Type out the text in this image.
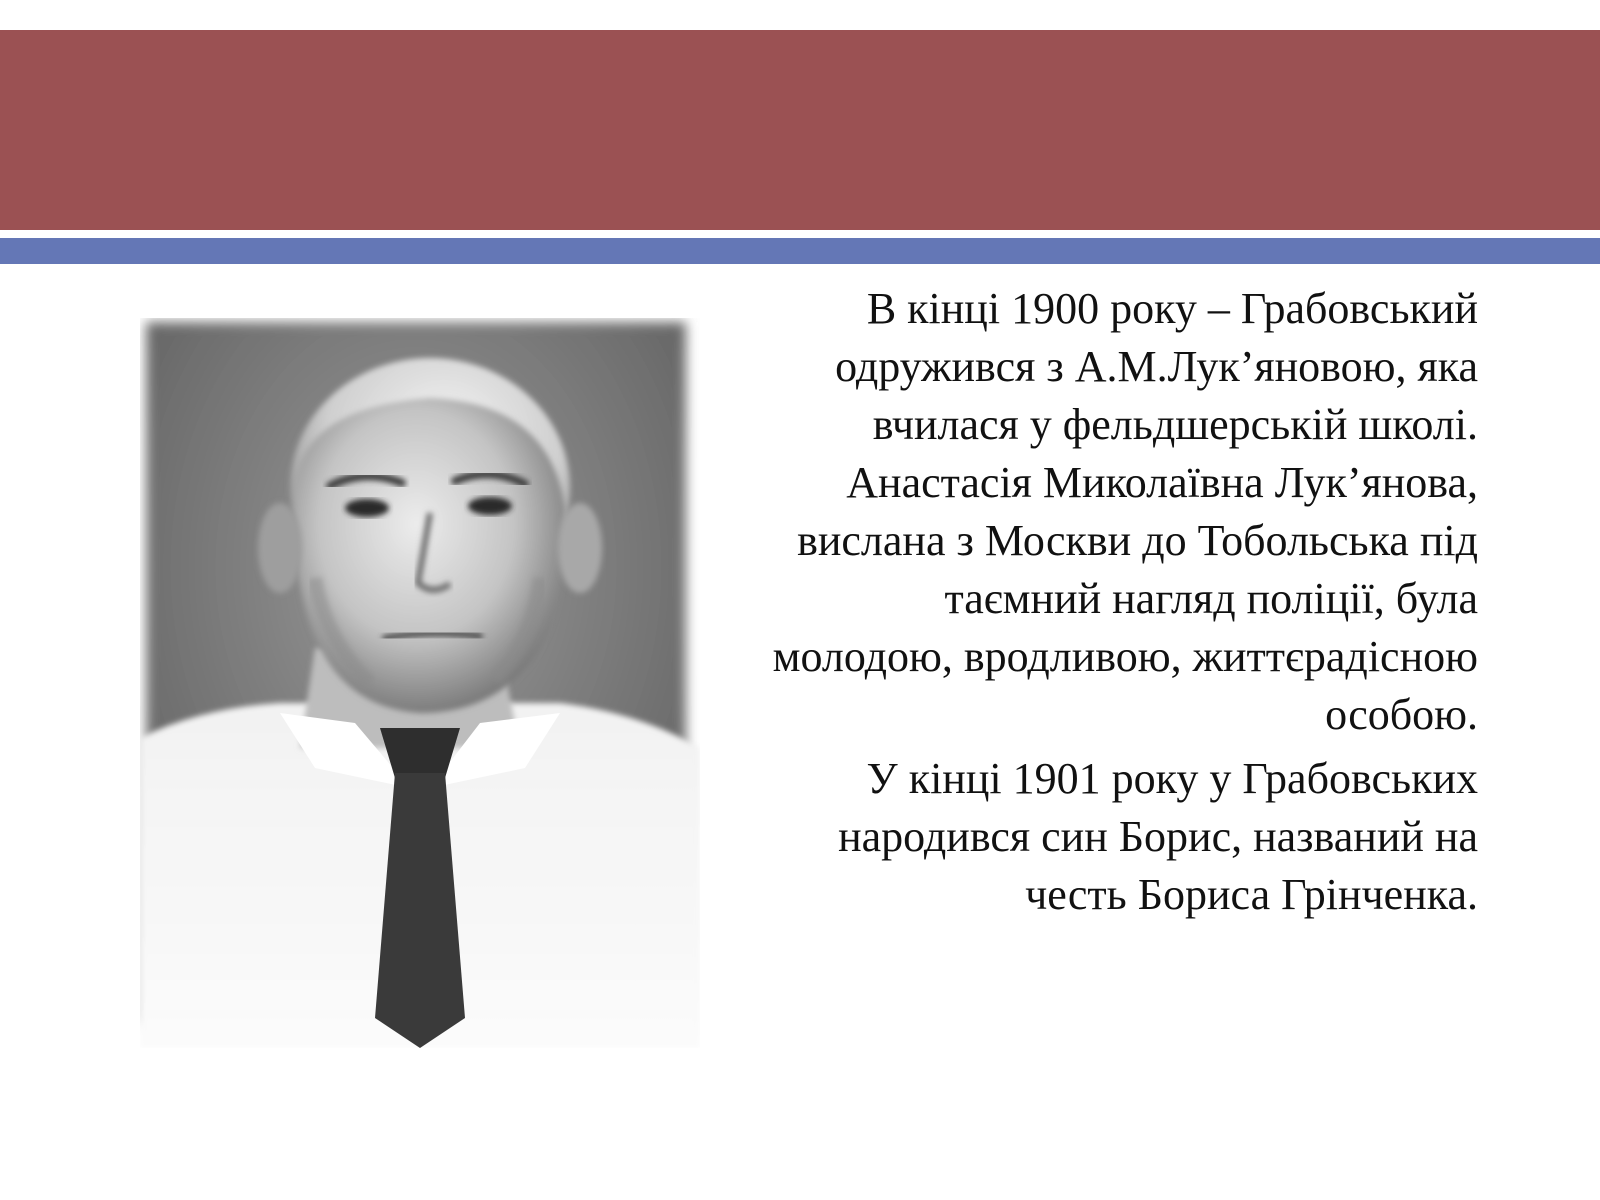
В кінці 1900 року – Грабовський одружився з А.М.Лук’яновою, яка вчилася у фельдшерській школі. Анастасія Миколаївна Лук’янова, вислана з Москви до Тобольська під таємний нагляд поліції, була молодою, вродливою, життєрадісною особою.

У кінці 1901 року у Грабовських народився син Борис, названий на честь Бориса Грінченка.
